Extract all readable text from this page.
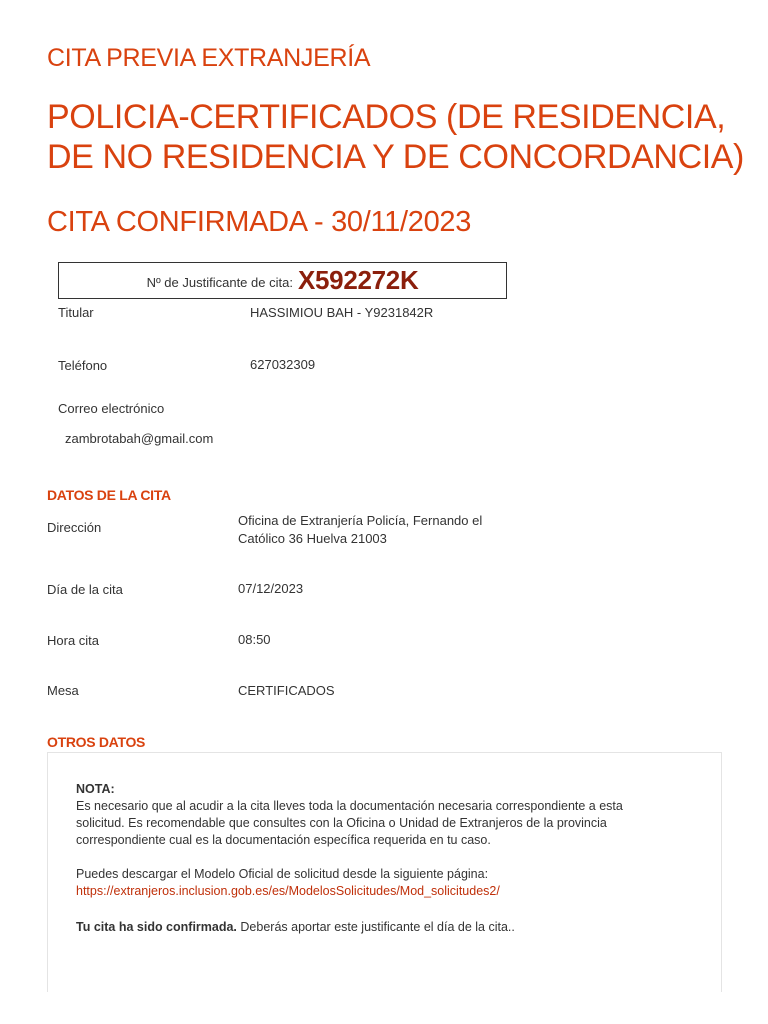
CITA PREVIA EXTRANJERÍA
POLICIA-CERTIFICADOS (DE RESIDENCIA,
DE NO RESIDENCIA Y DE CONCORDANCIA)
CITA CONFIRMADA - 30/11/2023
Nº de Justificante de cita: X592272K
Titular	HASSIMIOU BAH - Y9231842R
Teléfono	627032309
Correo electrónico
zambrotabah@gmail.com
DATOS DE LA CITA
Dirección	Oficina de Extranjería Policía, Fernando el
Católico 36 Huelva 21003
Día de la cita	07/12/2023
Hora cita	08:50
Mesa	CERTIFICADOS
OTROS DATOS
NOTA:
Es necesario que al acudir a la cita lleves toda la documentación necesaria correspondiente a esta
solicitud. Es recomendable que consultes con la Oficina o Unidad de Extranjeros de la provincia
correspondiente cual es la documentación específica requerida en tu caso.
Puedes descargar el Modelo Oficial de solicitud desde la siguiente página:
https://extranjeros.inclusion.gob.es/es/ModelosSolicitudes/Mod_solicitudes2/
Tu cita ha sido confirmada. Deberás aportar este justificante el día de la cita..
